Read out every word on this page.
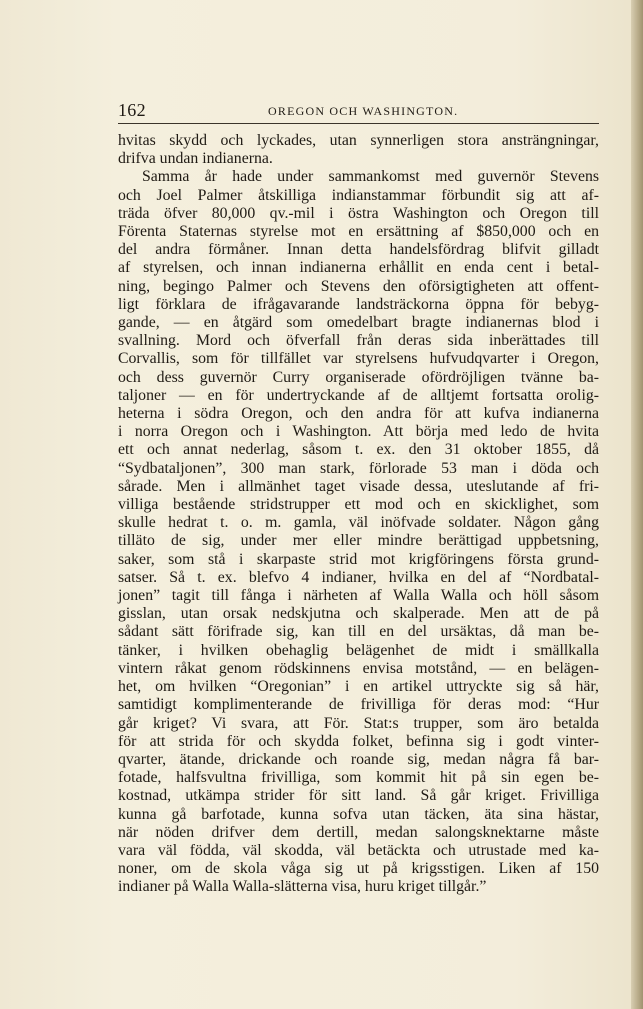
162	OREGON OCH WASHINGTON.
hvitas skydd och lyckades, utan synnerligen stora ansträngningar,
drifva undan indianerna.
Samma år hade under sammankomst med guvernör Stevens
och Joel Palmer åtskilliga indianstammar förbundit sig att af-
träda öfver 80,000 qv.-mil i östra Washington och Oregon till
Förenta Staternas styrelse mot en ersättning af $850,000 och en
del andra förmåner. Innan detta handelsfördrag blifvit gilladt
af styrelsen, och innan indianerna erhållit en enda cent i betal-
ning, begingo Palmer och Stevens den oförsigtigheten att offent-
ligt förklara de ifrågavarande landsträckorna öppna för bebyg-
gande, — en åtgärd som omedelbart bragte indianernas blod i
svallning. Mord och öfverfall från deras sida inberättades till
Corvallis, som för tillfället var styrelsens hufvudqvarter i Oregon,
och dess guvernör Curry organiserade ofördröjligen tvänne ba-
taljoner — en för undertryckande af de alltjemt fortsatta orolig-
heterna i södra Oregon, och den andra för att kufva indianerna
i norra Oregon och i Washington. Att börja med ledo de hvita
ett och annat nederlag, såsom t. ex. den 31 oktober 1855, då
“Sydbataljonen”, 300 man stark, förlorade 53 man i döda och
sårade. Men i allmänhet taget visade dessa, uteslutande af fri-
villiga bestående stridstrupper ett mod och en skicklighet, som
skulle hedrat t. o. m. gamla, väl inöfvade soldater. Någon gång
tilläto de sig, under mer eller mindre berättigad uppbetsning,
saker, som stå i skarpaste strid mot krigföringens första grund-
satser. Så t. ex. blefvo 4 indianer, hvilka en del af “Nordbatal-
jonen” tagit till fånga i närheten af Walla Walla och höll såsom
gisslan, utan orsak nedskjutna och skalperade. Men att de på
sådant sätt förifrade sig, kan till en del ursäktas, då man be-
tänker, i hvilken obehaglig belägenhet de midt i smällkalla
vintern råkat genom rödskinnens envisa motstånd, — en belägen-
het, om hvilken “Oregonian” i en artikel uttryckte sig så här,
samtidigt komplimenterande de frivilliga för deras mod: “Hur
går kriget? Vi svara, att För. Stat:s trupper, som äro betalda
för att strida för och skydda folket, befinna sig i godt vinter-
qvarter, ätande, drickande och roande sig, medan några få bar-
fotade, halfsvultna frivilliga, som kommit hit på sin egen be-
kostnad, utkämpa strider för sitt land. Så går kriget. Frivilliga
kunna gå barfotade, kunna sofva utan täcken, äta sina hästar,
när nöden drifver dem dertill, medan salongsknektarne måste
vara väl födda, väl skodda, väl betäckta och utrustade med ka-
noner, om de skola våga sig ut på krigsstigen. Liken af 150
indianer på Walla Walla-slätterna visa, huru kriget tillgår.”
